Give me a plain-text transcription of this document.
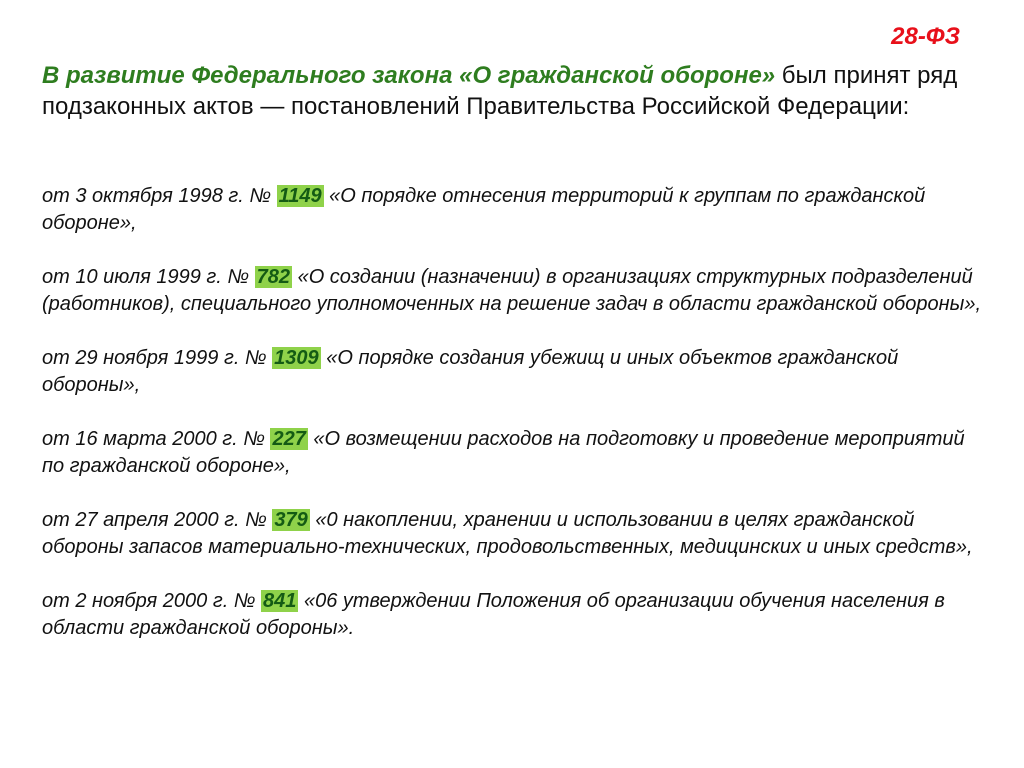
28-ФЗ

В развитие Федерального закона «О гражданской обороне» был принят ряд подзаконных актов — постановлений Правительства Российской Федерации:

от 3 октября 1998 г. № 1149 «О порядке отнесения территорий к группам по гражданской обороне»,
от 10 июля 1999 г. № 782 «О создании (назначении) в организациях структурных подразделений (работников), специального уполномоченных на решение задач в области гражданской обороны»,
от 29 ноября 1999 г. № 1309 «О порядке создания убежищ и иных объектов гражданской обороны»,
от 16 марта 2000 г. № 227 «О возмещении расходов на подготовку и проведение мероприятий по гражданской обороне»,
от 27 апреля 2000 г. № 379 «0 накоплении, хранении и использовании в целях гражданской обороны запасов материально-технических, продовольственных, медицинских и иных средств»,
от 2 ноября 2000 г. № 841 «06 утверждении Положения об организации обучения населения в области гражданской обороны».
